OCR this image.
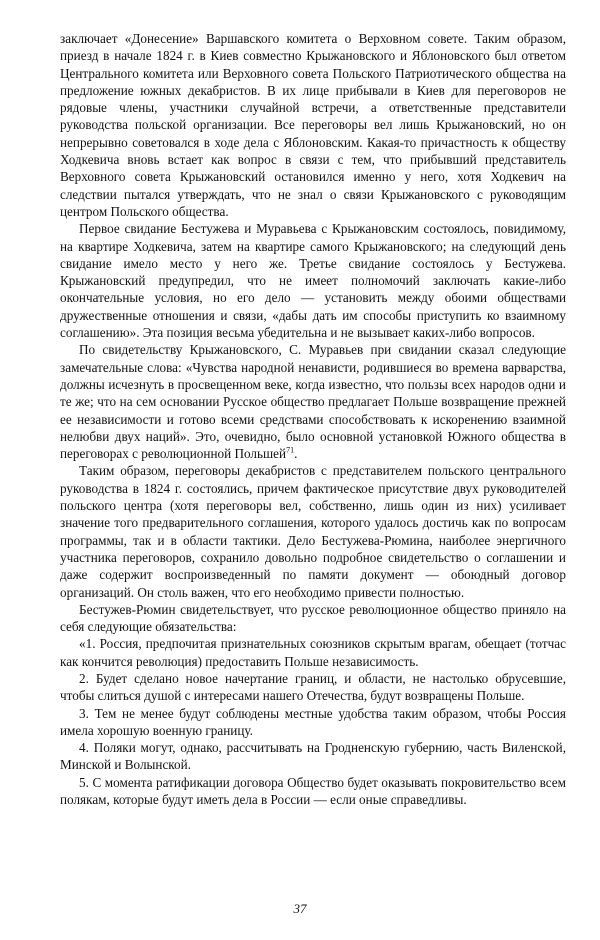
заключает «Донесение» Варшавского комитета о Верховном совете. Таким образом, приезд в начале 1824 г. в Киев совместно Крыжановского и Яблоновского был ответом Центрального комитета или Верховного совета Польского Патриотического общества на предложение южных декабристов. В их лице прибывали в Киев для переговоров не рядовые члены, участники случайной встречи, а ответственные представители руководства польской организации. Все переговоры вел лишь Крыжановский, но он непрерывно советовался в ходе дела с Яблоновским. Какая-то причастность к обществу Ходкевича вновь встает как вопрос в связи с тем, что прибывший представитель Верховного совета Крыжановский остановился именно у него, хотя Ходкевич на следствии пытался утверждать, что не знал о связи Крыжановского с руководящим центром Польского общества.

Первое свидание Бестужева и Муравьева с Крыжановским состоялось, повидимому, на квартире Ходкевича, затем на квартире самого Крыжановского; на следующий день свидание имело место у него же. Третье свидание состоялось у Бестужева. Крыжановский предупредил, что не имеет полномочий заключать какие-либо окончательные условия, но его дело — установить между обоими обществами дружественные отношения и связи, «дабы дать им способы приступить ко взаимному соглашению». Эта позиция весьма убедительна и не вызывает каких-либо вопросов.

По свидетельству Крыжановского, С. Муравьев при свидании сказал следующие замечательные слова: «Чувства народной ненависти, родившиеся во времена варварства, должны исчезнуть в просвещенном веке, когда известно, что пользы всех народов одни и те же; что на сем основании Русское общество предлагает Польше возвращение прежней ее независимости и готово всеми средствами способствовать к искоренению взаимной нелюбви двух наций». Это, очевидно, было основной установкой Южного общества в переговорах с революционной Польшей$^{71}$.

Таким образом, переговоры декабристов с представителем польского центрального руководства в 1824 г. состоялись, причем фактическое присутствие двух руководителей польского центра (хотя переговоры вел, собственно, лишь один из них) усиливает значение того предварительного соглашения, которого удалось достичь как по вопросам программы, так и в области тактики. Дело Бестужева-Рюмина, наиболее энергичного участника переговоров, сохранило довольно подробное свидетельство о соглашении и даже содержит воспроизведенный по памяти документ — обоюдный договор организаций. Он столь важен, что его необходимо привести полностью.

Бестужев-Рюмин свидетельствует, что русское революционное общество приняло на себя следующие обязательства:

«1. Россия, предпочитая признательных союзников скрытым врагам, обещает (тотчас как кончится революция) предоставить Польше независимость.

2. Будет сделано новое начертание границ, и области, не настолько обрусевшие, чтобы слиться душой с интересами нашего Отечества, будут возвращены Польше.

3. Тем не менее будут соблюдены местные удобства таким образом, чтобы Россия имела хорошую военную границу.

4. Поляки могут, однако, рассчитывать на Гродненскую губернию, часть Виленской, Минской и Волынской.

5. С момента ратификации договора Общество будет оказывать покровительство всем полякам, которые будут иметь дела в России — если оные справедливы.

37
